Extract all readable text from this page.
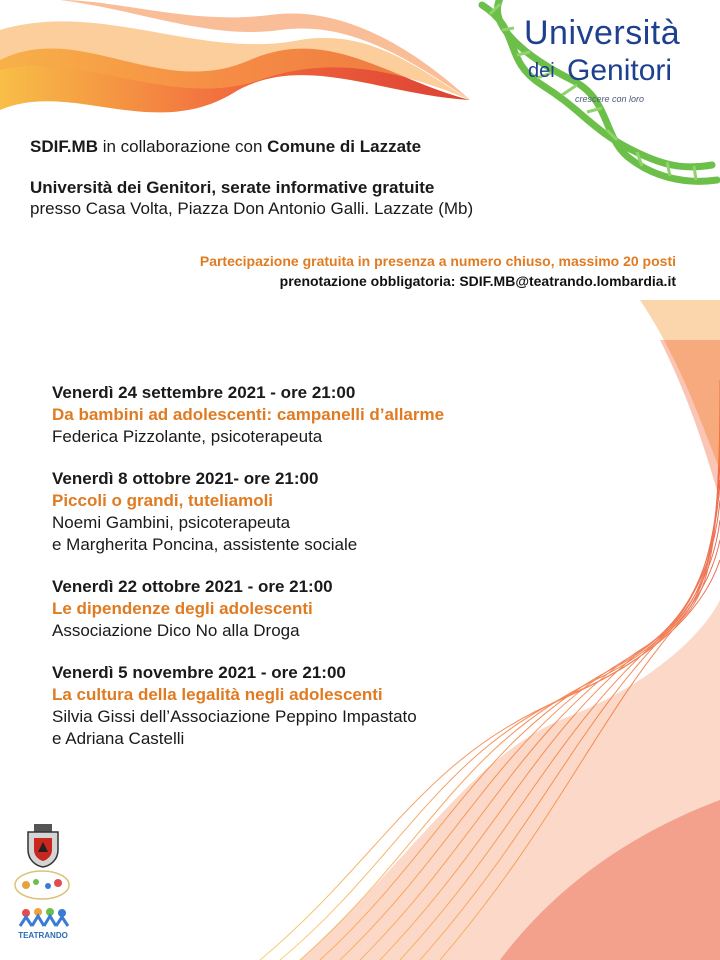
Università
dei Genitori
crescere con loro
SDIF.MB in collaborazione con Comune di Lazzate
Università dei Genitori, serate informative gratuite
presso Casa Volta, Piazza Don Antonio Galli. Lazzate (Mb)
Partecipazione gratuita in presenza a numero chiuso, massimo 20 posti
prenotazione obbligatoria: SDIF.MB@teatrando.lombardia.it
Venerdì 24 settembre 2021 - ore 21:00
Da bambini ad adolescenti: campanelli d’allarme
Federica Pizzolante, psicoterapeuta
Venerdì 8 ottobre 2021- ore 21:00
Piccoli o grandi, tuteliamoli
Noemi Gambini, psicoterapeuta
e Margherita Poncina, assistente sociale
Venerdì 22 ottobre 2021 - ore 21:00
Le dipendenze degli adolescenti
Associazione Dico No alla Droga
Venerdì 5 novembre 2021 - ore 21:00
La cultura della legalità negli adolescenti
Silvia Gissi dell’Associazione Peppino Impastato
e Adriana Castelli
TEATRANDO
